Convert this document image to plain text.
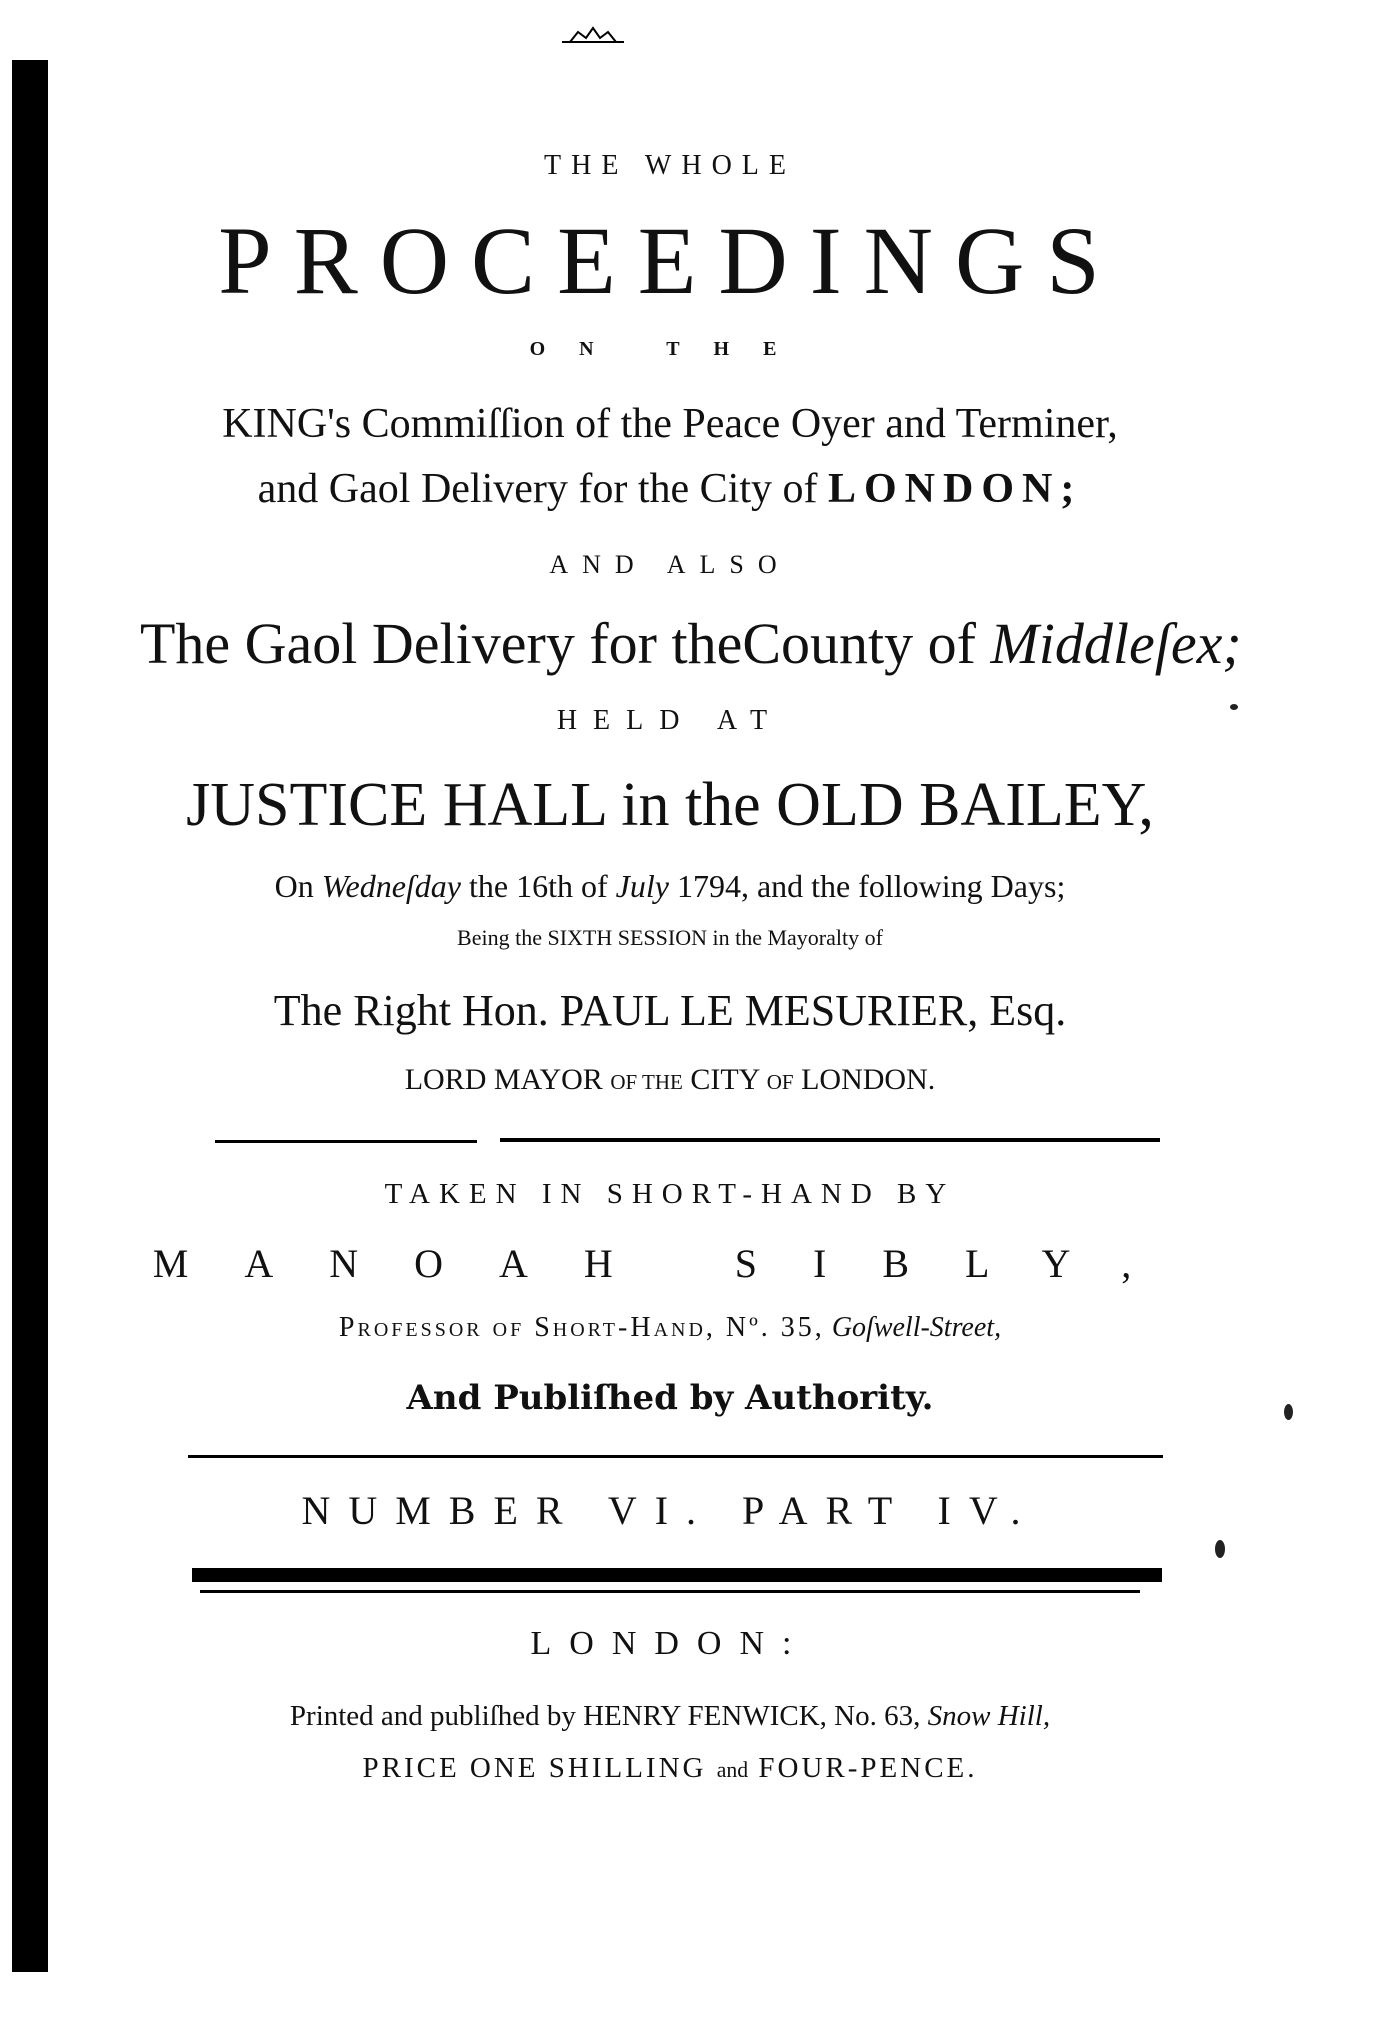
THE WHOLE
PROCEEDINGS
ON THE
KING's Commiſſion of the Peace Oyer and Terminer,
and Gaol Delivery for the City of LONDON;
AND ALSO
The Gaol Delivery for theCounty of Middleſex;
HELD AT
JUSTICE HALL in the OLD BAILEY,
On Wedneſday the 16th of July 1794, and the following Days;
Being the SIXTH SESSION in the Mayoralty of
The Right Hon. PAUL LE MESURIER, Esq.
LORD MAYOR OF THE CITY OF LONDON.
TAKEN IN SHORT-HAND BY
MANOAH SIBLY,
Professor of Short-Hand, Nº. 35, Goſwell-Street,
And Publiſhed by Authority.
NUMBER VI. PART IV.
LONDON:
Printed and publiſhed by HENRY FENWICK, No. 63, Snow Hill,
PRICE ONE SHILLING and FOUR-PENCE.
